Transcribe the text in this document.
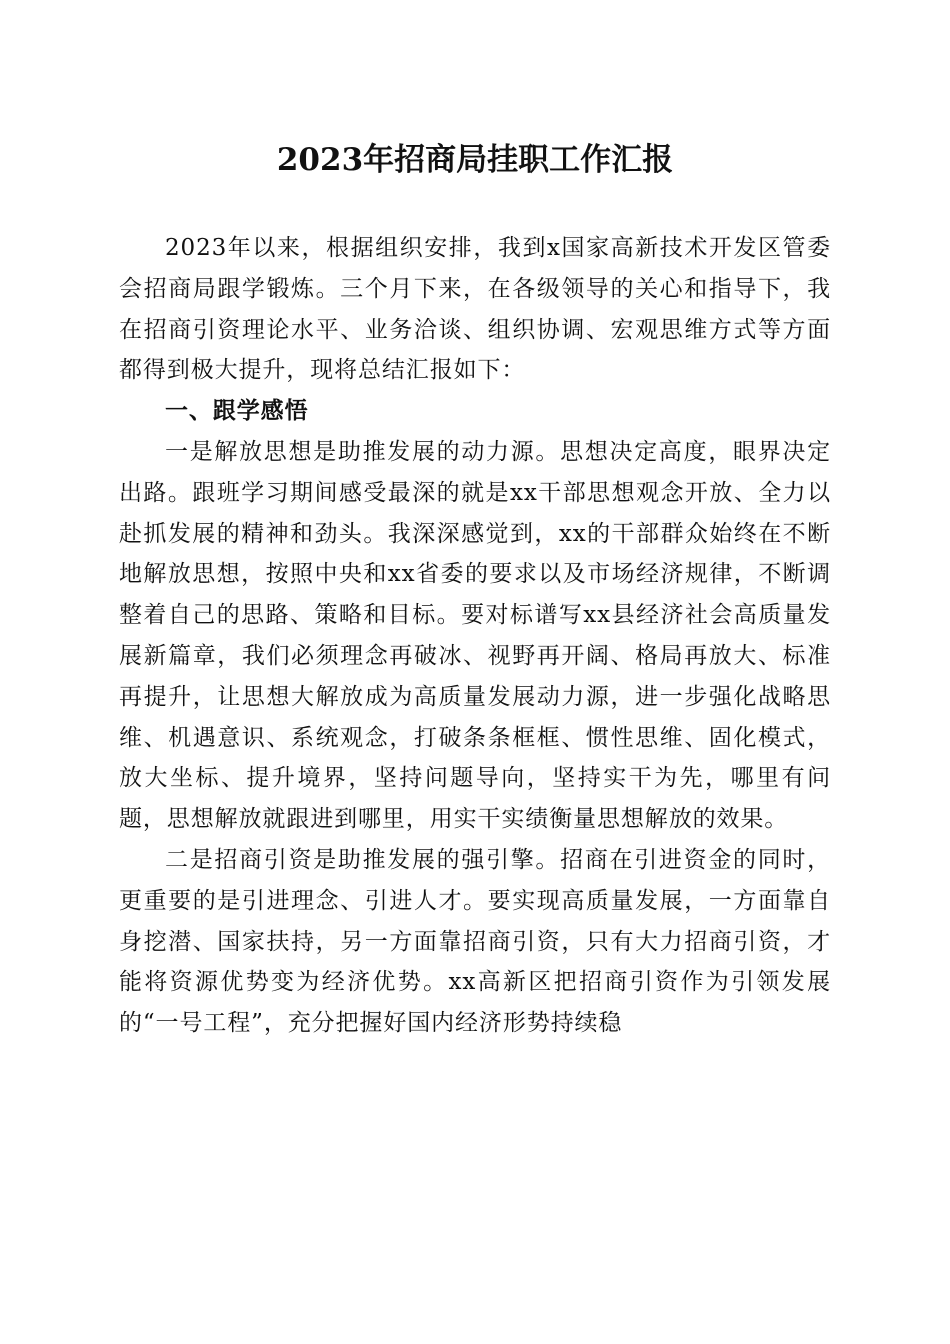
2023年招商局挂职工作汇报

2023年以来，根据组织安排，我到x国家高新技术开发区管委会招商局跟学锻炼。三个月下来，在各级领导的关心和指导下，我在招商引资理论水平、业务洽谈、组织协调、宏观思维方式等方面都得到极大提升，现将总结汇报如下：

一、跟学感悟

一是解放思想是助推发展的动力源。思想决定高度，眼界决定出路。跟班学习期间感受最深的就是xx干部思想观念开放、全力以赴抓发展的精神和劲头。我深深感觉到，xx的干部群众始终在不断地解放思想，按照中央和xx省委的要求以及市场经济规律，不断调整着自己的思路、策略和目标。要对标谱写xx县经济社会高质量发展新篇章，我们必须理念再破冰、视野再开阔、格局再放大、标准再提升，让思想大解放成为高质量发展动力源，进一步强化战略思维、机遇意识、系统观念，打破条条框框、惯性思维、固化模式，放大坐标、提升境界，坚持问题导向，坚持实干为先，哪里有问题，思想解放就跟进到哪里，用实干实绩衡量思想解放的效果。

二是招商引资是助推发展的强引擎。招商在引进资金的同时，更重要的是引进理念、引进人才。要实现高质量发展，一方面靠自身挖潜、国家扶持，另一方面靠招商引资，只有大力招商引资，才能将资源优势变为经济优势。xx高新区把招商引资作为引领发展的“一号工程”，充分把握好国内经济形势持续稳
